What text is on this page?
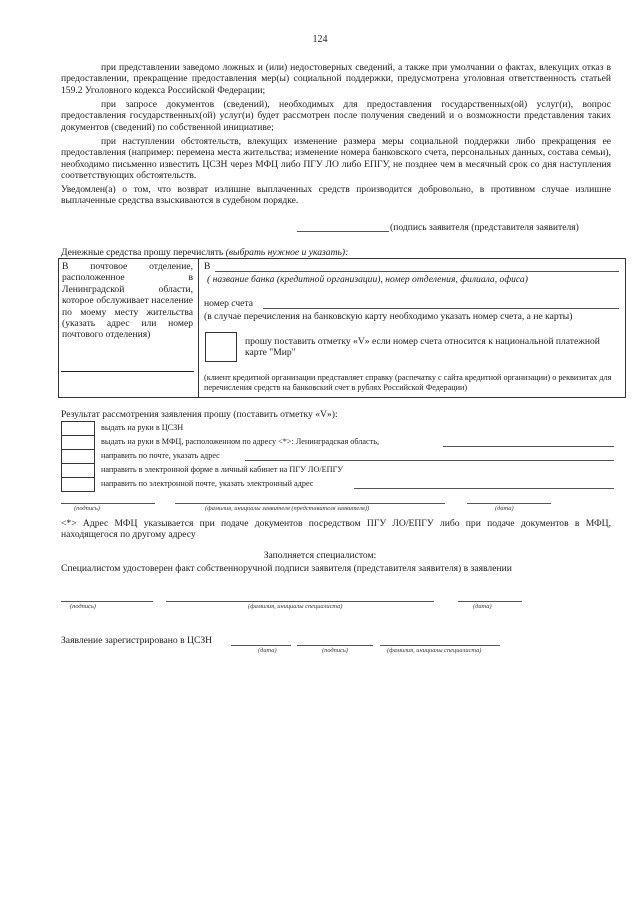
124
при представлении заведомо ложных и (или) недостоверных сведений, а также при умолчании о фактах, влекущих отказ в предоставлении, прекращение предоставления мер(ы) социальной поддержки, предусмотрена уголовная ответственность статьей 159.2 Уголовного кодекса Российской Федерации;
при запросе документов (сведений), необходимых для предоставления государственных(ой) услуг(и), вопрос предоставления государственных(ой) услуг(и) будет рассмотрен после получения сведений и о возможности представления таких документов (сведений) по собственной инициативе;
при наступлении обстоятельств, влекущих изменение размера меры социальной поддержки либо прекращения ее предоставления (например: перемена места жительства; изменение номера банковского счета, персональных данных, состава семьи), необходимо письменно известить ЦСЗН через МФЦ либо ПГУ ЛО либо ЕПГУ, не позднее чем в месячный срок со дня наступления соответствующих обстоятельств.
Уведомлен(а) о том, что возврат излишне выплаченных средств производится добровольно, в противном случае излишне выплаченные средства взыскиваются в судебном порядке.
(подпись заявителя (представителя заявителя)
Денежные средства прошу перечислять (выбрать нужное и указать):
В почтовое отделение, расположенное в Ленинградской области, которое обслуживает население по моему месту жительства (указать адрес или номер почтового отделения)
В
( название банка (кредитной организации), номер отделения, филиала, офиса)
номер счета
(в случае перечисления на банковскую карту необходимо указать номер счета, а не карты)
прошу поставить отметку «V» если номер счета относится к национальной платежной карте "Мир"
(клиент кредитной организации представляет справку (распечатку с сайта кредитной организации) о реквизитах для перечисления средств на банковский счет в рублях Российской Федерации)
Результат рассмотрения заявления прошу (поставить отметку «V»):
выдать на руки в ЦСЗН
выдать на руки в МФЦ, расположенном по адресу <*>: Ленинградская область,
направить по почте, указать адрес
направить в электронной форме в личный кабинет на ПГУ ЛО/ЕПГУ
направить по электронной почте, указать электронный адрес
(подпись)	(фамилия, инициалы заявителя (представителя заявителя))	(дата)
<*> Адрес МФЦ указывается при подаче документов посредством ПГУ ЛО/ЕПГУ либо при подаче документов в МФЦ, находящегося по другому адресу
Заполняется специалистом:
Специалистом удостоверен факт собственноручной подписи заявителя (представителя заявителя) в заявлении
(подпись)	(фамилия, инициалы специалиста)	(дата)
Заявление зарегистрировано в ЦСЗН
(дата)	(подпись)	(фамилия, инициалы специалиста)
